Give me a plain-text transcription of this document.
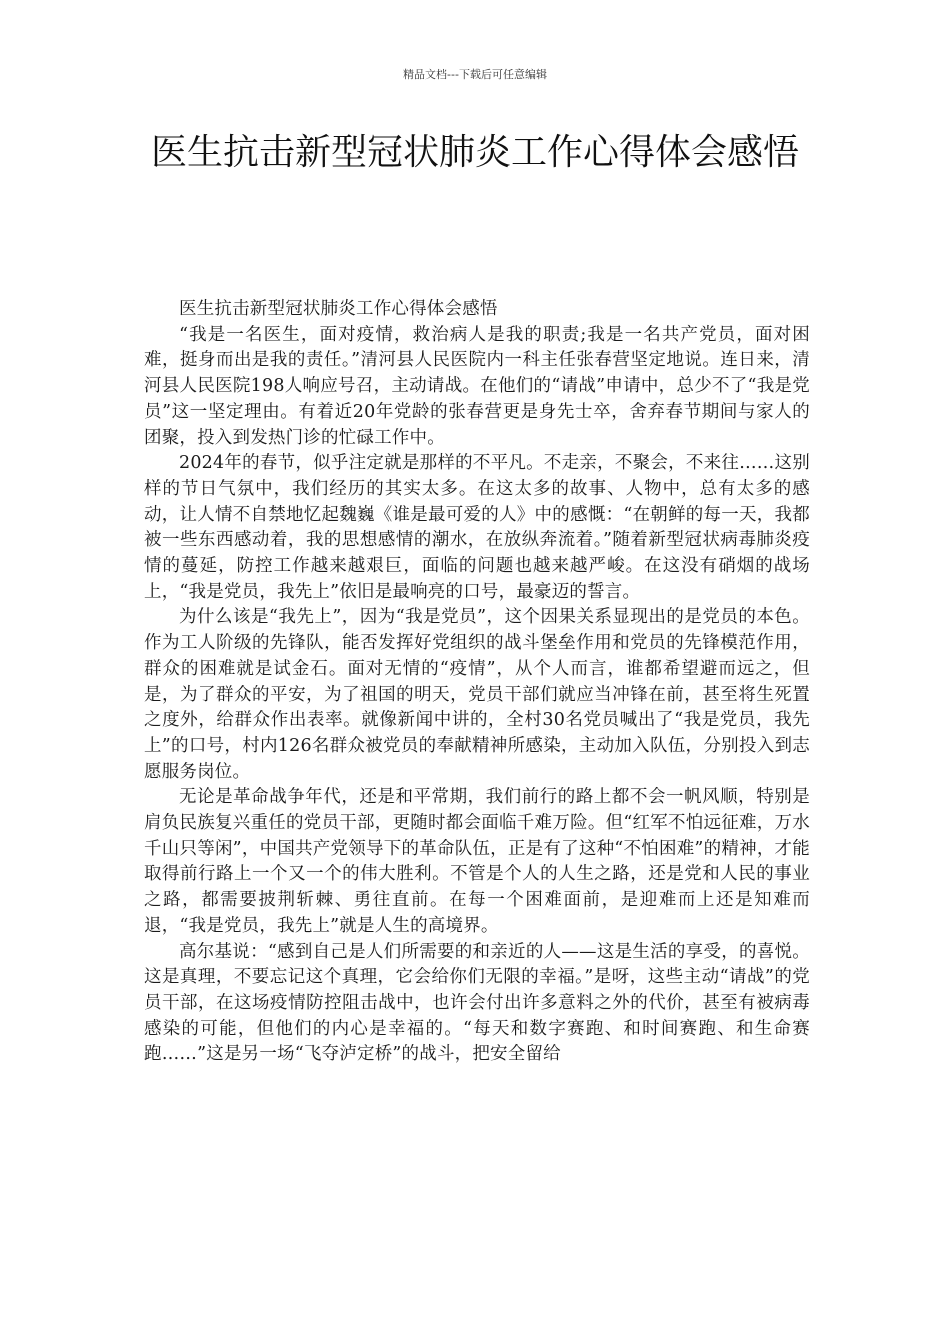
精品文档---下载后可任意编辑
医生抗击新型冠状肺炎工作心得体会感悟

医生抗击新型冠状肺炎工作心得体会感悟

“我是一名医生，面对疫情，救治病人是我的职责;我是一名共产党员，面对困难，挺身而出是我的责任。”清河县人民医院内一科主任张春营坚定地说。连日来，清河县人民医院198人响应号召，主动请战。在他们的“请战”申请中，总少不了“我是党员”这一坚定理由。有着近20年党龄的张春营更是身先士卒，舍弃春节期间与家人的团聚，投入到发热门诊的忙碌工作中。

2024年的春节，似乎注定就是那样的不平凡。不走亲，不聚会，不来往……这别样的节日气氛中，我们经历的其实太多。在这太多的故事、人物中，总有太多的感动，让人情不自禁地忆起魏巍《谁是最可爱的人》中的感慨：“在朝鲜的每一天，我都被一些东西感动着，我的思想感情的潮水，在放纵奔流着。”随着新型冠状病毒肺炎疫情的蔓延，防控工作越来越艰巨，面临的问题也越来越严峻。在这没有硝烟的战场上，“我是党员，我先上”依旧是最响亮的口号，最豪迈的誓言。

为什么该是“我先上”，因为“我是党员”，这个因果关系显现出的是党员的本色。作为工人阶级的先锋队，能否发挥好党组织的战斗堡垒作用和党员的先锋模范作用，群众的困难就是试金石。面对无情的“疫情”，从个人而言，谁都希望避而远之，但是，为了群众的平安，为了祖国的明天，党员干部们就应当冲锋在前，甚至将生死置之度外，给群众作出表率。就像新闻中讲的，全村30名党员喊出了“我是党员，我先上”的口号，村内126名群众被党员的奉献精神所感染，主动加入队伍，分别投入到志愿服务岗位。

无论是革命战争年代，还是和平常期，我们前行的路上都不会一帆风顺，特别是肩负民族复兴重任的党员干部，更随时都会面临千难万险。但“红军不怕远征难，万水千山只等闲”，中国共产党领导下的革命队伍，正是有了这种“不怕困难”的精神，才能取得前行路上一个又一个的伟大胜利。不管是个人的人生之路，还是党和人民的事业之路，都需要披荆斩棘、勇往直前。在每一个困难面前，是迎难而上还是知难而退，“我是党员，我先上”就是人生的高境界。

高尔基说：“感到自己是人们所需要的和亲近的人——这是生活的享受，的喜悦。这是真理，不要忘记这个真理，它会给你们无限的幸福。”是呀，这些主动“请战”的党员干部，在这场疫情防控阻击战中，也许会付出许多意料之外的代价，甚至有被病毒感染的可能，但他们的内心是幸福的。“每天和数字赛跑、和时间赛跑、和生命赛跑……”这是另一场“飞夺泸定桥”的战斗，把安全留给
